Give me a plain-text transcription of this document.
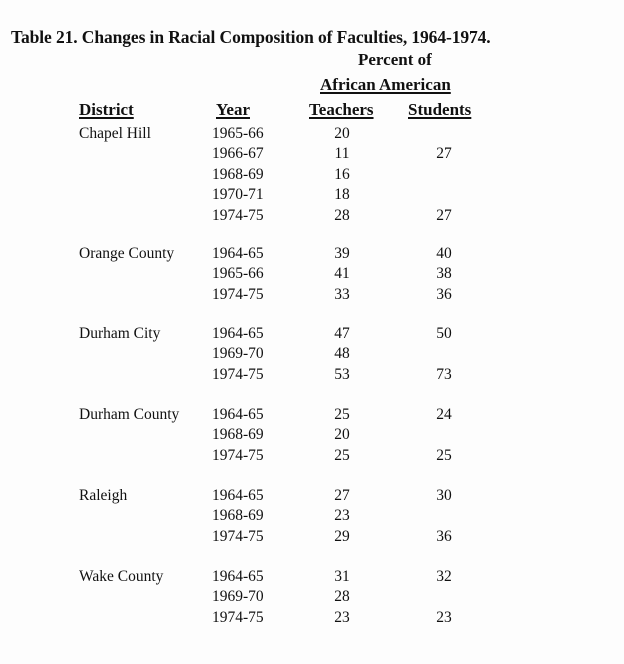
Table 21. Changes in Racial Composition of Faculties, 1964-1974.
Percent of
African American
District	Year	Teachers Students
Chapel Hill	1965-66	20
1966-67	11	27
1968-69	16
1970-71	18
1974-75	28	27
Orange County 1964-65	39	40
1965-66	41	38
1974-75	33	36
Durham City	1964-65	47	50
1969-70	48
1974-75	53	73
Durham County 1964-65	25	24
1968-69	20
1974-75	25	25
Raleigh	1964-65	27	30
1968-69	23
1974-75	29	36
Wake County	1964-65	31	32
1969-70	28
1974-75	23	23
